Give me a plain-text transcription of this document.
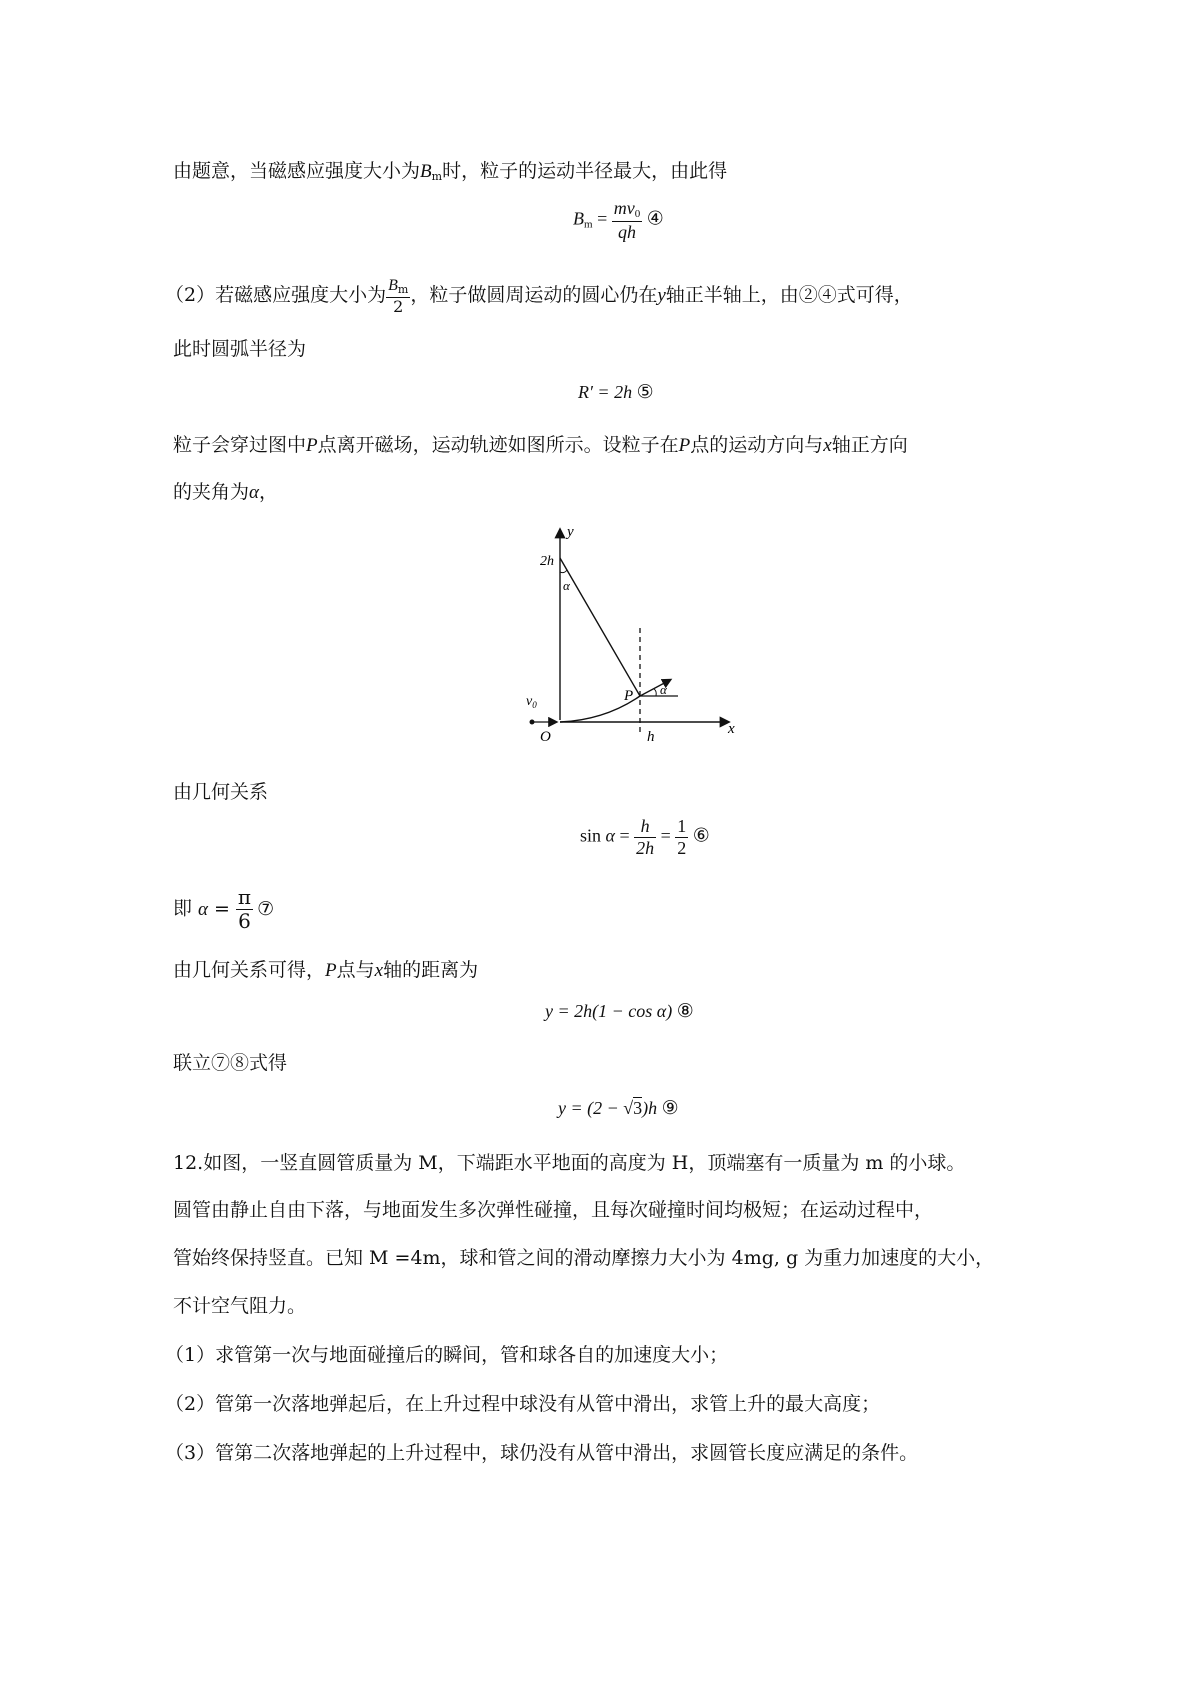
由题意，当磁感应强度大小为$B_m$时，粒子的运动半径最大，由此得
$B_m = \frac{mv_0}{qh}$ ④
（2）若磁感应强度大小为 $\frac{B_m}{2}$ ，粒子做圆周运动的圆心仍在y轴正半轴上，由②④式可得，
此时圆弧半径为
R′ = 2h ⑤
粒子会穿过图中P点离开磁场，运动轨迹如图所示。设粒子在P点的运动方向与x轴正方向
的夹角为α，
y
x
2h
α
α
P
$v_0$
O	h
由几何关系
$\sin \alpha = \frac{h}{2h} = \frac{1}{2}$ ⑥
即 $\alpha = \frac{\pi}{6}$ ⑦
由几何关系可得，P点与x轴的距离为
y = 2h(1 − cos α) ⑧
联立⑦⑧式得
y = (2 − √3)h ⑨
12.如图，一竖直圆管质量为 M，下端距水平地面的高度为 H，顶端塞有一质量为 m 的小球。
圆管由静止自由下落，与地面发生多次弹性碰撞，且每次碰撞时间均极短；在运动过程中，
管始终保持竖直。已知 M =4m，球和管之间的滑动摩擦力大小为 4mg, g 为重力加速度的大小，
不计空气阻力。
（1）求管第一次与地面碰撞后的瞬间，管和球各自的加速度大小；
（2）管第一次落地弹起后，在上升过程中球没有从管中滑出，求管上升的最大高度；
（3）管第二次落地弹起的上升过程中，球仍没有从管中滑出，求圆管长度应满足的条件。
